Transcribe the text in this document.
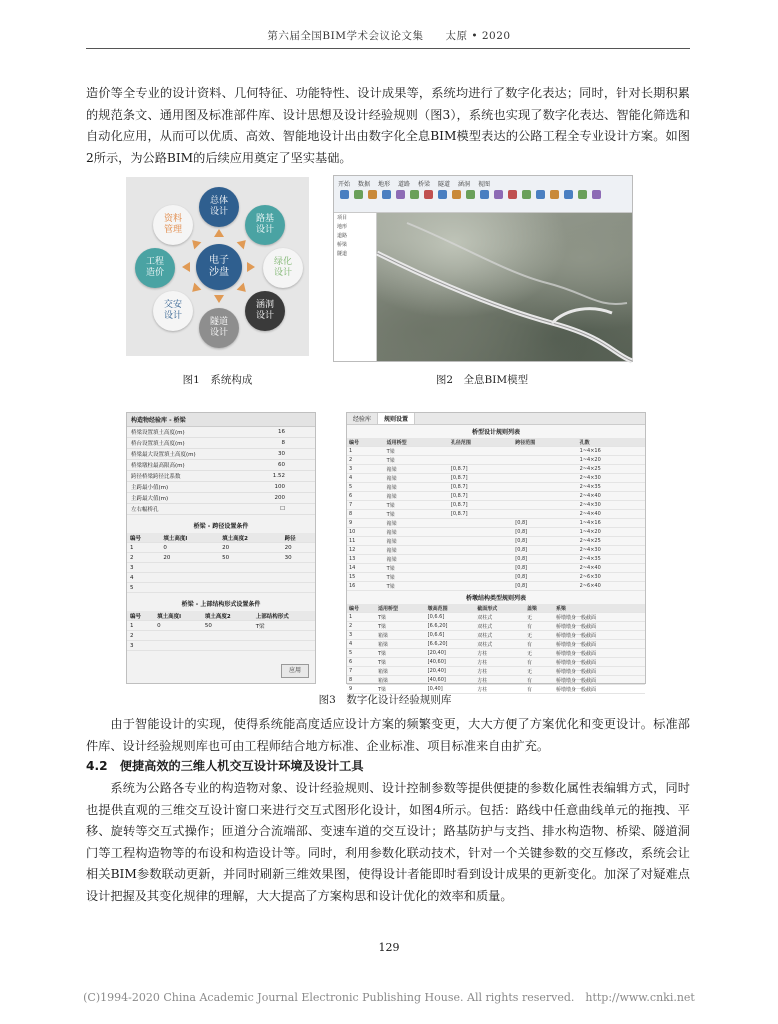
第六届全国BIM学术会议论文集　　太原 • 2020

造价等全专业的设计资料、几何特征、功能特性、设计成果等，系统均进行了数字化表达；同时，针对长期积累的规范条文、通用图及标准部件库、设计思想及设计经验规则（图3），系统也实现了数字化表达、智能化筛选和自动化应用，从而可以优质、高效、智能地设计出由数字化全息BIM模型表达的公路工程全专业设计方案。如图2所示，为公路BIM的后续应用奠定了坚实基础。

电子
沙盘
总体
设计
路基
设计
绿化
设计
涵洞
设计
隧道
设计
交安
设计
工程
造价
资料
管理
图1　系统构成
开始 数据 地形 道路 桥梁 隧道 涵洞 视图
项目
地形
道路
桥梁
隧道
图2　全息BIM模型
构造物经验库 - 桥梁
桥梁设置填土高度(m)	16
桥台设置填土高度(m)	8
桥梁最大设置填土高度(m)	30
桥梁墩柱最高限高(m)	60
跨径桥梁跨径比系数	1.52
主跨最小值(m)	100
主跨最大值(m)	200
左右幅桥孔	☐
桥梁 - 跨径设置条件
编号	填土高度l	填土高度2	跨径
1	0	20	20
2	20	50	30
3			
4			
5			
桥梁 - 上部结构形式设置条件
编号	填土高度l	填土高度2	上部结构形式
1	0	50	T梁
2			
3			
应用
经验库	规则设置
桥型设计规则列表
编号	适用桥型	孔径范围	跨径范围	孔数
1	T梁			1~4×16
2	T梁			1~4×20
3	箱梁	[0,8.7]		2~4×25
4	箱梁	[0,8.7]		2~4×30
5	箱梁	[0,8.7]		2~4×35
6	箱梁	[0,8.7]		2~4×40
7	T梁	[0,8.7]		2~4×30
8	T梁	[0,8.7]		2~4×40
9	箱梁		[0,8]	1~4×16
10	箱梁		[0,8]	1~4×20
11	箱梁		[0,8]	2~4×25
12	箱梁		[0,8]	2~4×30
13	箱梁		[0,8]	2~4×35
14	T梁		[0,8]	2~4×40
15	T梁		[0,8]	2~6×30
16	T梁		[0,8]	2~6×40
桥墩结构类型规则列表
编号	适用桥型	墩高范围	截面形式	盖梁	系梁
1	T梁	[0,6.6]	双柱式	无	桥墩墩身一般截面
2	T梁	[6.6,20]	双柱式	有	桥墩墩身一般截面
3	箱梁	[0,6.6]	双柱式	无	桥墩墩身一般截面
4	箱梁	[6.6,20]	双柱式	有	桥墩墩身一般截面
5	T梁	[20,40]	方柱	无	桥墩墩身一般截面
6	T梁	[40,60]	方柱	有	桥墩墩身一般截面
7	箱梁	[20,40]	方柱	无	桥墩墩身一般截面
8	箱梁	[40,60]	方柱	有	桥墩墩身一般截面
9	T梁	[0,40]	方柱	有	桥墩墩身一般截面
图3　数字化设计经验规则库

由于智能设计的实现，使得系统能高度适应设计方案的频繁变更，大大方便了方案优化和变更设计。标准部件库、设计经验规则库也可由工程师结合地方标准、企业标准、项目标准来自由扩充。

4.2　便捷高效的三维人机交互设计环境及设计工具

系统为公路各专业的构造物对象、设计经验规则、设计控制参数等提供便捷的参数化属性表编辑方式，同时也提供直观的三维交互设计窗口来进行交互式图形化设计，如图4所示。包括：路线中任意曲线单元的拖拽、平移、旋转等交互式操作；匝道分合流端部、变速车道的交互设计；路基防护与支挡、排水构造物、桥梁、隧道洞门等工程构造物等的布设和构造设计等。同时，利用参数化联动技术，针对一个关键参数的交互修改，系统会让相关BIM参数联动更新，并同时刷新三维效果图，使得设计者能即时看到设计成果的更新变化。加深了对疑难点设计把握及其变化规律的理解，大大提高了方案构思和设计优化的效率和质量。

129
(C)1994-2020 China Academic Journal Electronic Publishing House. All rights reserved.　http://www.cnki.net
